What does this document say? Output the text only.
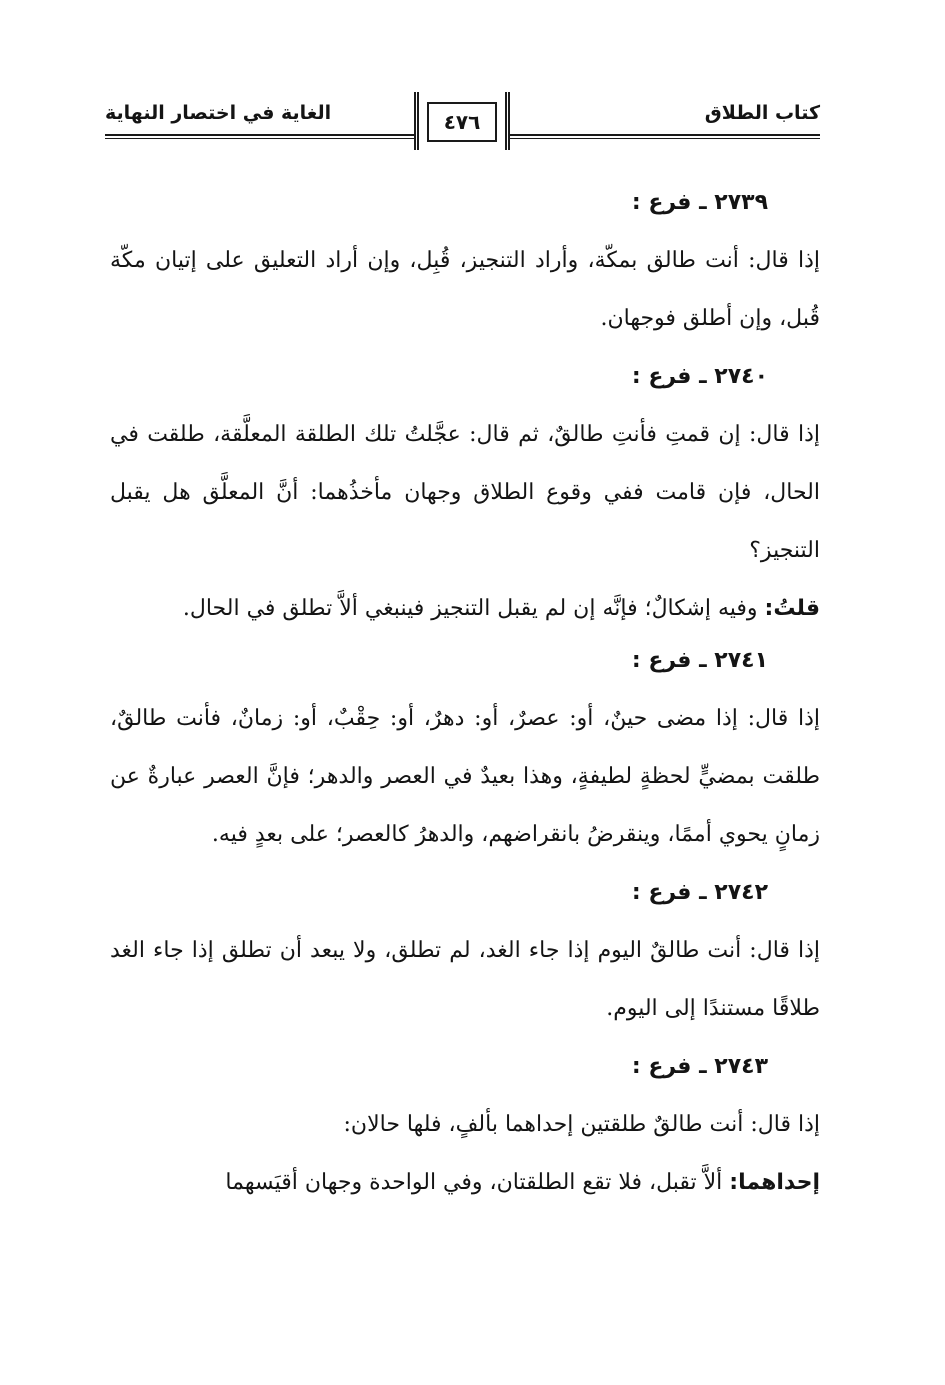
كتاب الطلاق
الغاية في اختصار النهاية	٤٧٦
٢٧٣٩ ـ فرع :

إذا قال: أنت طالق بمكّة، وأراد التنجيز، قُبِل، وإن أراد التعليق على إتيان مكّة قُبل، وإن أطلق فوجهان.

٢٧٤٠ ـ فرع :

إذا قال: إن قمتِ فأنتِ طالقٌ، ثم قال: عجَّلتُ تلك الطلقة المعلَّقة، طلقت في الحال، فإن قامت ففي وقوع الطلاق وجهان مأخذُهما: أنَّ المعلَّق هل يقبل التنجيز؟

قلتُ: وفيه إشكالٌ؛ فإنَّه إن لم يقبل التنجيز فينبغي ألاَّ تطلق في الحال.

٢٧٤١ ـ فرع :

إذا قال: إذا مضى حينٌ، أو: عصرٌ، أو: دهرٌ، أو: حِقْبٌ، أو: زمانٌ، فأنت طالقٌ، طلقت بمضيٍّ لحظةٍ لطيفةٍ، وهذا بعيدٌ في العصر والدهر؛ فإنَّ العصر عبارةٌ عن زمانٍ يحوي أممًا، وينقرضُ بانقراضهم، والدهرُ كالعصر؛ على بعدٍ فيه.

٢٧٤٢ ـ فرع :

إذا قال: أنت طالقٌ اليوم إذا جاء الغد، لم تطلق، ولا يبعد أن تطلق إذا جاء الغد طلاقًا مستندًا إلى اليوم.

٢٧٤٣ ـ فرع :

إذا قال: أنت طالقٌ طلقتين إحداهما بألفٍ، فلها حالان:

إحداهما: ألاَّ تقبل، فلا تقع الطلقتان، وفي الواحدة وجهان أقيَسهما
